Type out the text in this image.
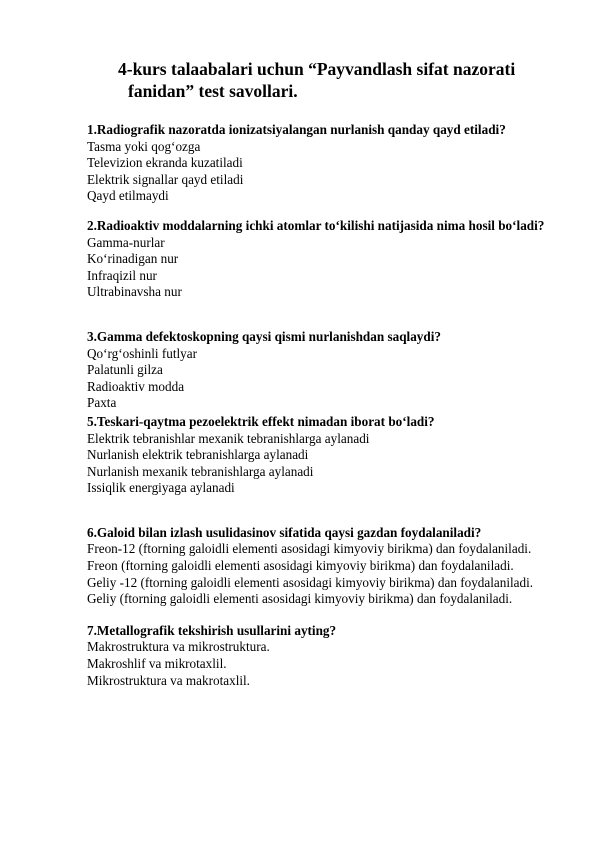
4-kurs talaabalari uchun “Payvandlash sifat nazorati
fanidan” test savollari.
1.Radiografik nazoratda ionizatsiyalangan nurlanish qanday qayd etiladi?
Tasma yoki qog‘ozga
Televizion ekranda kuzatiladi
Elektrik signallar qayd etiladi
Qayd etilmaydi
2.Radioaktiv moddalarning ichki atomlar to‘kilishi natijasida nima hosil bo‘ladi?
Gamma-nurlar
Ko‘rinadigan nur
Infraqizil nur
Ultrabinavsha nur
3.Gamma defektoskopning qaysi qismi nurlanishdan saqlaydi?
Qo‘rg‘oshinli futlyar
Palatunli gilza
Radioaktiv modda
Paxta
5.Teskari-qaytma pezoelektrik effekt nimadan iborat bo‘ladi?
Elektrik tebranishlar mexanik tebranishlarga aylanadi
Nurlanish elektrik tebranishlarga aylanadi
Nurlanish mexanik tebranishlarga aylanadi
Issiqlik energiyaga aylanadi
6.Galoid bilan izlash usulidasinov sifatida qaysi gazdan foydalaniladi?
Freon-12 (ftorning galoidli elementi asosidagi kimyoviy birikma) dan foydalaniladi.
Freon (ftorning galoidli elementi asosidagi kimyoviy birikma) dan foydalaniladi.
Geliy -12 (ftorning galoidli elementi asosidagi kimyoviy birikma) dan foydalaniladi.
Geliy (ftorning galoidli elementi asosidagi kimyoviy birikma) dan foydalaniladi.
7.Metallografik tekshirish usullarini ayting?
Makrostruktura va mikrostruktura.
Makroshlif va mikrotaxlil.
Mikrostruktura va makrotaxlil.
